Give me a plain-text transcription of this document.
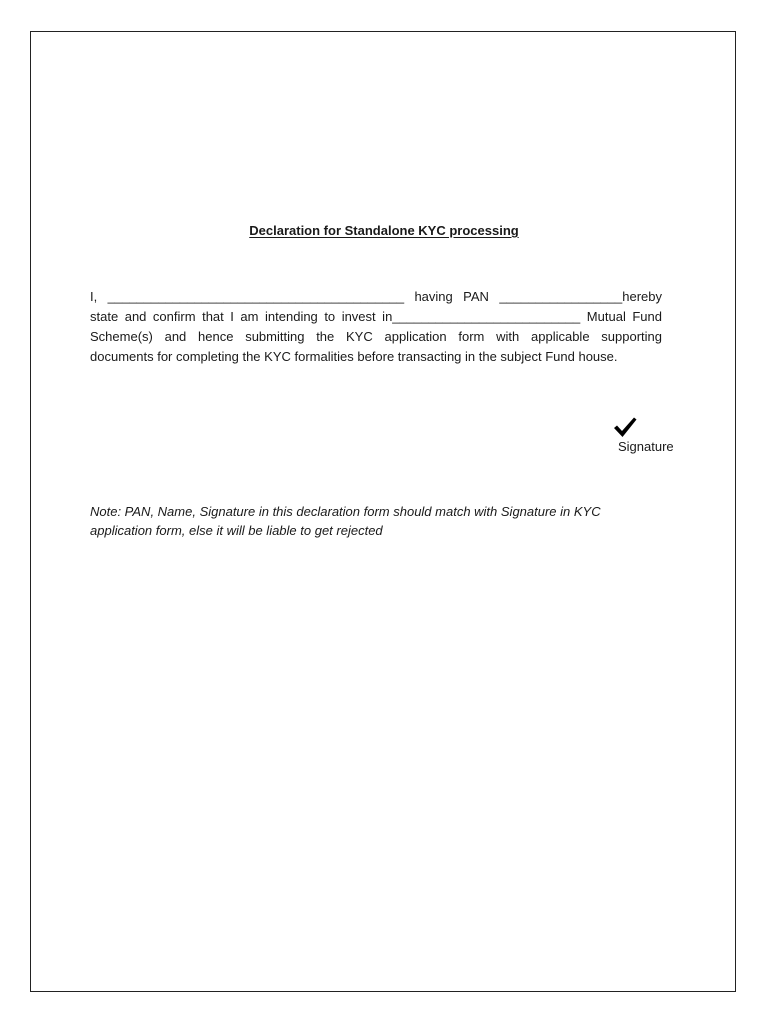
Declaration for Standalone KYC processing

I, _________________________________________ having PAN _________________hereby
state and confirm that I am intending to invest in__________________________ Mutual Fund
Scheme(s) and hence submitting the KYC application form with applicable supporting
documents for completing the KYC formalities before transacting in the subject Fund house.

Signature

Note: PAN, Name, Signature in this declaration form should match with Signature in KYC
application form, else it will be liable to get rejected
